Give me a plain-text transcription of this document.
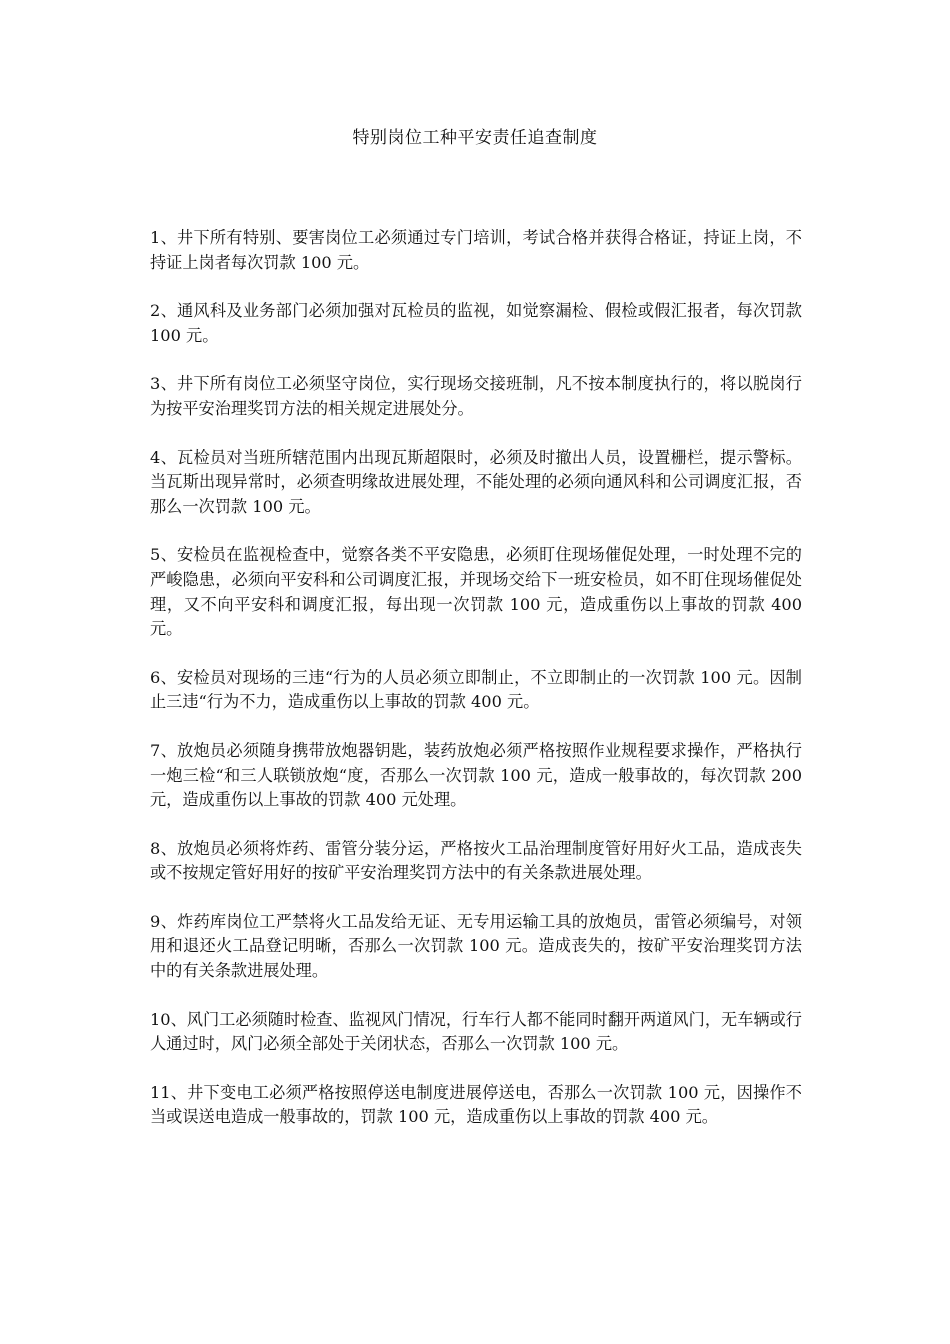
特别岗位工种平安责任追查制度

1、井下所有特别、要害岗位工必须通过专门培训，考试合格并获得合格证，持证上岗，不持证上岗者每次罚款 100 元。

2、通风科及业务部门必须加强对瓦检员的监视，如觉察漏检、假检或假汇报者，每次罚款 100 元。

3、井下所有岗位工必须坚守岗位，实行现场交接班制，凡不按本制度执行的，将以脱岗行为按平安治理奖罚方法的相关规定进展处分。

4、瓦检员对当班所辖范围内出现瓦斯超限时，必须及时撤出人员，设置栅栏，提示警标。当瓦斯出现异常时，必须查明缘故进展处理，不能处理的必须向通风科和公司调度汇报，否那么一次罚款 100 元。

5、安检员在监视检查中，觉察各类不平安隐患，必须盯住现场催促处理，一时处理不完的严峻隐患，必须向平安科和公司调度汇报，并现场交给下一班安检员，如不盯住现场催促处理，又不向平安科和调度汇报，每出现一次罚款 100 元，造成重伤以上事故的罚款 400 元。

6、安检员对现场的三违“行为的人员必须立即制止，不立即制止的一次罚款 100 元。因制止三违“行为不力，造成重伤以上事故的罚款 400 元。

7、放炮员必须随身携带放炮器钥匙，装药放炮必须严格按照作业规程要求操作，严格执行一炮三检“和三人联锁放炮“度，否那么一次罚款 100 元，造成一般事故的，每次罚款 200 元，造成重伤以上事故的罚款 400 元处理。

8、放炮员必须将炸药、雷管分装分运，严格按火工品治理制度管好用好火工品，造成丧失或不按规定管好用好的按矿平安治理奖罚方法中的有关条款进展处理。

9、炸药库岗位工严禁将火工品发给无证、无专用运输工具的放炮员，雷管必须编号，对领用和退还火工品登记明晰，否那么一次罚款 100 元。造成丧失的，按矿平安治理奖罚方法中的有关条款进展处理。

10、风门工必须随时检查、监视风门情况，行车行人都不能同时翻开两道风门，无车辆或行人通过时，风门必须全部处于关闭状态，否那么一次罚款 100 元。

11、井下变电工必须严格按照停送电制度进展停送电，否那么一次罚款 100 元，因操作不当或误送电造成一般事故的，罚款 100 元，造成重伤以上事故的罚款 400 元。
